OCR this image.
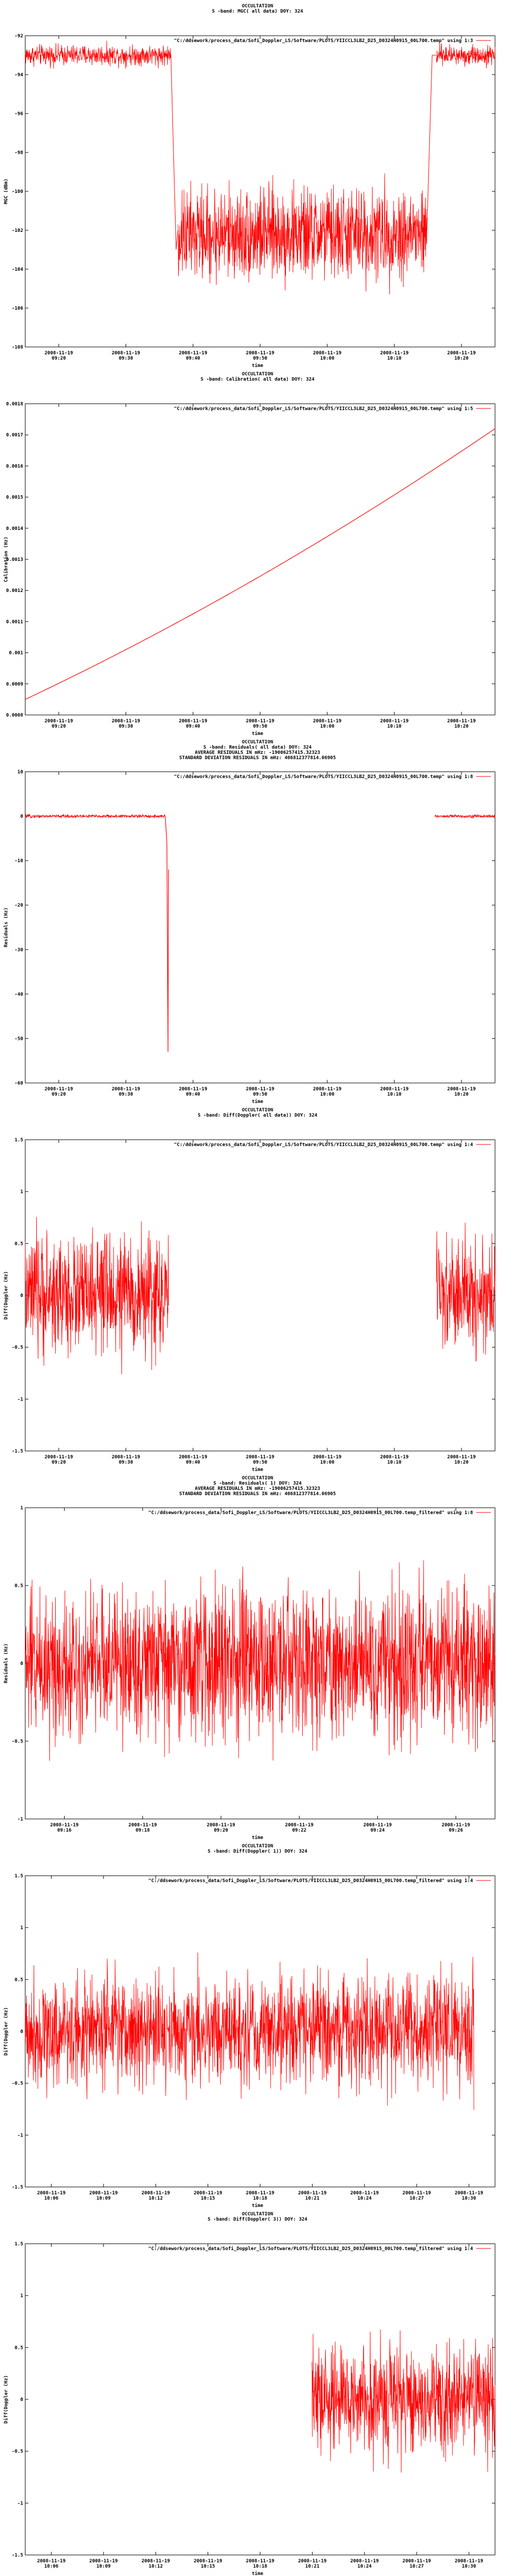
OCCULTATION
S -band: MGC( all data) DOY: 324
"C:/ddsework/process_data/Sofi_Doppler_LS/Software/PLOTS/YIICCL3LB2_D25_D0324H0915_00L700.temp" using 1:3
-92
-94
-96
-98
-100
-102
-104
-106
-108
2008-11-19
09:20
2008-11-19
09:30
2008-11-19
09:40
2008-11-19
09:50
2008-11-19
10:00
2008-11-19
10:10
2008-11-19
10:20
time
MGC (dBm)
OCCULTATION
S -band: Calibration( all data) DOY: 324
"C:/ddsework/process_data/Sofi_Doppler_LS/Software/PLOTS/YIICCL3LB2_D25_D0324H0915_00L700.temp" using 1:5
0.0018
0.0017
0.0016
0.0015
0.0014
0.0013
0.0012
0.0011
0.001
0.0009
0.0008
2008-11-19
09:20
2008-11-19
09:30
2008-11-19
09:40
2008-11-19
09:50
2008-11-19
10:00
2008-11-19
10:10
2008-11-19
10:20
time
Calibration (Hz)
OCCULTATION
S -band: Residuals( all data) DOY: 324
AVERAGE RESIDUALS IN mHz: -19006257415.32323
STANDARD DEVIATION RESIDUALS IN mHz: 406812377814.06905
"C:/ddsework/process_data/Sofi_Doppler_LS/Software/PLOTS/YIICCL3LB2_D25_D0324H0915_00L700.temp" using 1:8
10
0
-10
-20
-30
-40
-50
-60
2008-11-19
09:20
2008-11-19
09:30
2008-11-19
09:40
2008-11-19
09:50
2008-11-19
10:00
2008-11-19
10:10
2008-11-19
10:20
time
Residuals (Hz)
OCCULTATION
S -band: Diff(Doppler( all data)) DOY: 324
"C:/ddsework/process_data/Sofi_Doppler_LS/Software/PLOTS/YIICCL3LB2_D25_D0324H0915_00L700.temp" using 1:4
1.5
1
0.5
0
-0.5
-1
-1.5
2008-11-19
09:20
2008-11-19
09:30
2008-11-19
09:40
2008-11-19
09:50
2008-11-19
10:00
2008-11-19
10:10
2008-11-19
10:20
time
Diff(Doppler (Hz)
OCCULTATION
S -band: Residuals( 1) DOY: 324
AVERAGE RESIDUALS IN mHz: -19006257415.32323
STANDARD DEVIATION RESIDUALS IN mHz: 406812377814.06905
"C:/ddsework/process_data/Sofi_Doppler_LS/Software/PLOTS/YIICCL3LB2_D25_D0324H0915_00L700.temp_filtered" using 1:8
1
0.5
0
-0.5
-1
2008-11-19
09:16
2008-11-19
09:18
2008-11-19
09:20
2008-11-19
09:22
2008-11-19
09:24
2008-11-19
09:26
time
Residuals (Hz)
OCCULTATION
S -band: Diff(Doppler( 1)) DOY: 324
"C:/ddsework/process_data/Sofi_Doppler_LS/Software/PLOTS/YIICCL3LB2_D25_D0324H0915_00L700.temp_filtered" using 1:4
1.5
1
0.5
0
-0.5
-1
-1.5
2008-11-19
10:06
2008-11-19
10:09
2008-11-19
10:12
2008-11-19
10:15
2008-11-19
10:18
2008-11-19
10:21
2008-11-19
10:24
2008-11-19
10:27
2008-11-19
10:30
time
Diff(Doppler (Hz)
OCCULTATION
S -band: Diff(Doppler( 3)) DOY: 324
"C:/ddsework/process_data/Sofi_Doppler_LS/Software/PLOTS/YIICCL3LB2_D25_D0324H0915_00L700.temp_filtered" using 1:4
1.5
1
0.5
0
-0.5
-1
-1.5
2008-11-19
10:06
2008-11-19
10:09
2008-11-19
10:12
2008-11-19
10:15
2008-11-19
10:18
2008-11-19
10:21
2008-11-19
10:24
2008-11-19
10:27
2008-11-19
10:30
time
Diff(Doppler (Hz)
